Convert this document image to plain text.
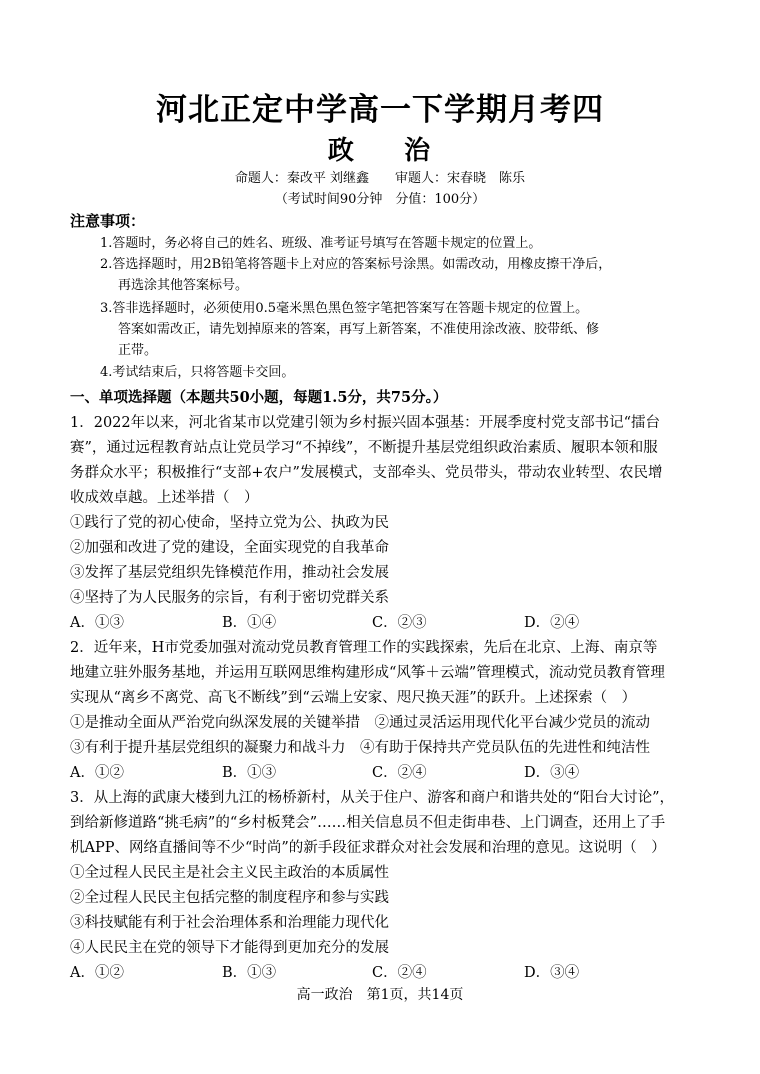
河北正定中学高一下学期月考四
政 治
命题人：秦改平 刘继鑫　　审题人：宋春晓　陈乐
（考试时间90分钟　分值：100分）
注意事项：
1.答题时，务必将自己的姓名、班级、准考证号填写在答题卡规定的位置上。
2.答选择题时，用2B铅笔将答题卡上对应的答案标号涂黑。如需改动，用橡皮擦干净后，
再选涂其他答案标号。
3.答非选择题时，必须使用0.5毫米黑色黑色签字笔把答案写在答题卡规定的位置上。
答案如需改正，请先划掉原来的答案，再写上新答案，不准使用涂改液、胶带纸、修
正带。
4.考试结束后，只将答题卡交回。
一、单项选择题（本题共50小题，每题1.5分，共75分。）
1．2022年以来，河北省某市以党建引领为乡村振兴固本强基：开展季度村党支部书记“擂台
赛”，通过远程教育站点让党员学习“不掉线”，不断提升基层党组织政治素质、履职本领和服
务群众水平；积极推行“支部+农户”发展模式，支部牵头、党员带头，带动农业转型、农民增
收成效卓越。上述举措（　）
①践行了党的初心使命，坚持立党为公、执政为民
②加强和改进了党的建设，全面实现党的自我革命
③发挥了基层党组织先锋模范作用，推动社会发展
④坚持了为人民服务的宗旨，有利于密切党群关系
A．①③	B．①④	C．②③	D．②④
2．近年来，H市党委加强对流动党员教育管理工作的实践探索，先后在北京、上海、南京等
地建立驻外服务基地，并运用互联网思维构建形成“风筝＋云端”管理模式，流动党员教育管理
实现从“离乡不离党、高飞不断线”到“云端上安家、咫尺换天涯”的跃升。上述探索（　）
①是推动全面从严治党向纵深发展的关键举措　②通过灵活运用现代化平台减少党员的流动
③有利于提升基层党组织的凝聚力和战斗力　④有助于保持共产党员队伍的先进性和纯洁性
A．①②	B．①③	C．②④	D．③④
3．从上海的武康大楼到九江的杨桥新村，从关于住户、游客和商户和谐共处的“阳台大讨论”，
到给新修道路“挑毛病”的“乡村板凳会”……相关信息员不但走街串巷、上门调查，还用上了手
机APP、网络直播间等不少“时尚”的新手段征求群众对社会发展和治理的意见。这说明（　）
①全过程人民民主是社会主义民主政治的本质属性
②全过程人民民主包括完整的制度程序和参与实践
③科技赋能有利于社会治理体系和治理能力现代化
④人民民主在党的领导下才能得到更加充分的发展
A．①②	B．①③	C．②④	D．③④
高一政治　第1页，共14页
